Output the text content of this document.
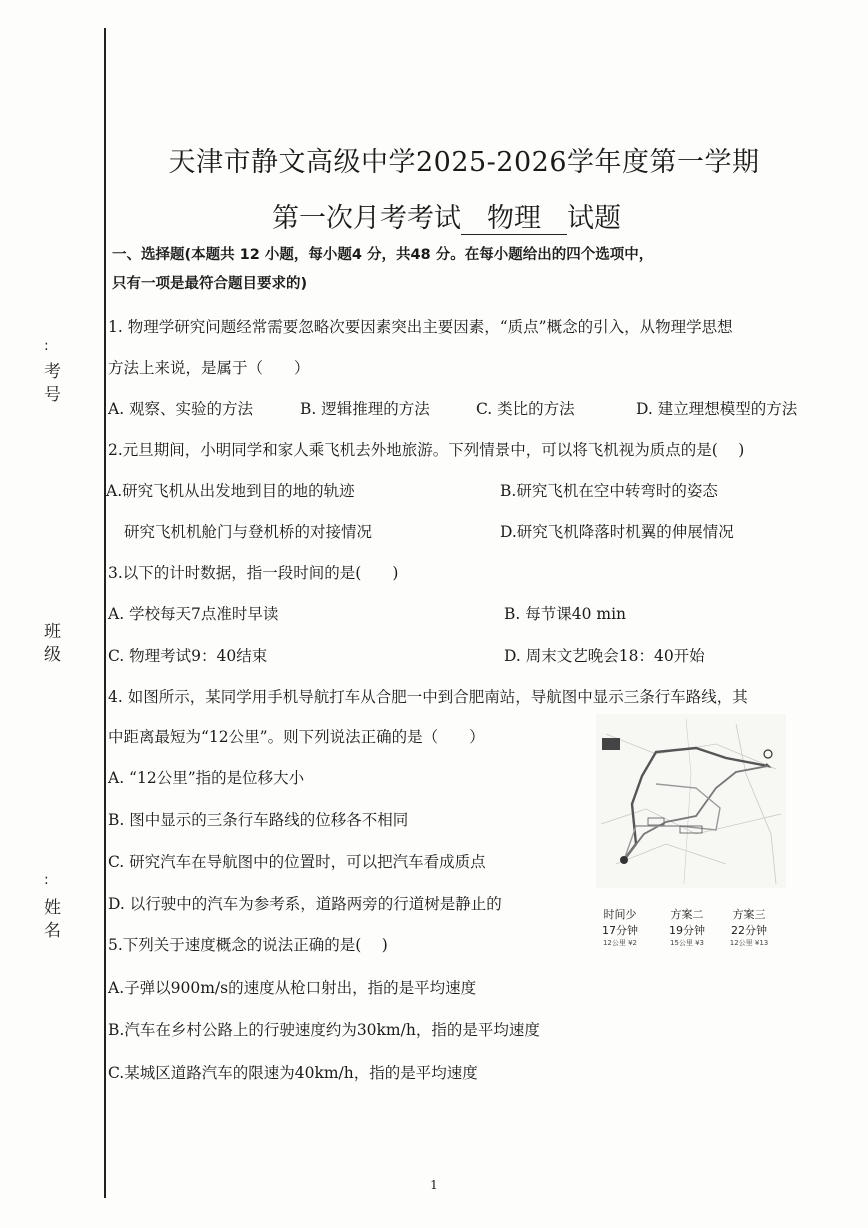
:
考号
班级
:
姓名
天津市静文高级中学2025-2026学年度第一学期
第一次月考考试 物理 试题
一、选择题(本题共 12 小题，每小题4 分，共48 分。在每小题给出的四个选项中，
只有一项是最符合题目要求的)
1. 物理学研究问题经常需要忽略次要因素突出主要因素，“质点”概念的引入，从物理学思想
方法上来说，是属于（　　）
A. 观察、实验的方法	B. 逻辑推理的方法	C. 类比的方法	D. 建立理想模型的方法
2.元旦期间，小明同学和家人乘飞机去外地旅游。下列情景中，可以将飞机视为质点的是(　 )
A.研究飞机从出发地到目的地的轨迹	B.研究飞机在空中转弯时的姿态
研究飞机机舱门与登机桥的对接情况	D.研究飞机降落时机翼的伸展情况
3.以下的计时数据，指一段时间的是(　　)
A. 学校每天7点准时早读	B. 每节课40 min
C. 物理考试9：40结束	D. 周末文艺晚会18：40开始
4. 如图所示，某同学用手机导航打车从合肥一中到合肥南站，导航图中显示三条行车路线，其
中距离最短为“12公里”。则下列说法正确的是（　　）
A. “12公里”指的是位移大小
B. 图中显示的三条行车路线的位移各不相同
C. 研究汽车在导航图中的位置时，可以把汽车看成质点
D. 以行驶中的汽车为参考系，道路两旁的行道树是静止的
时间少
17分钟
12公里 ¥2
方案二
19分钟
15公里 ¥3
方案三
22分钟
12公里 ¥13
5.下列关于速度概念的说法正确的是(　 )
A.子弹以900m/s的速度从枪口射出，指的是平均速度
B.汽车在乡村公路上的行驶速度约为30km/h，指的是平均速度
C.某城区道路汽车的限速为40km/h，指的是平均速度
1
